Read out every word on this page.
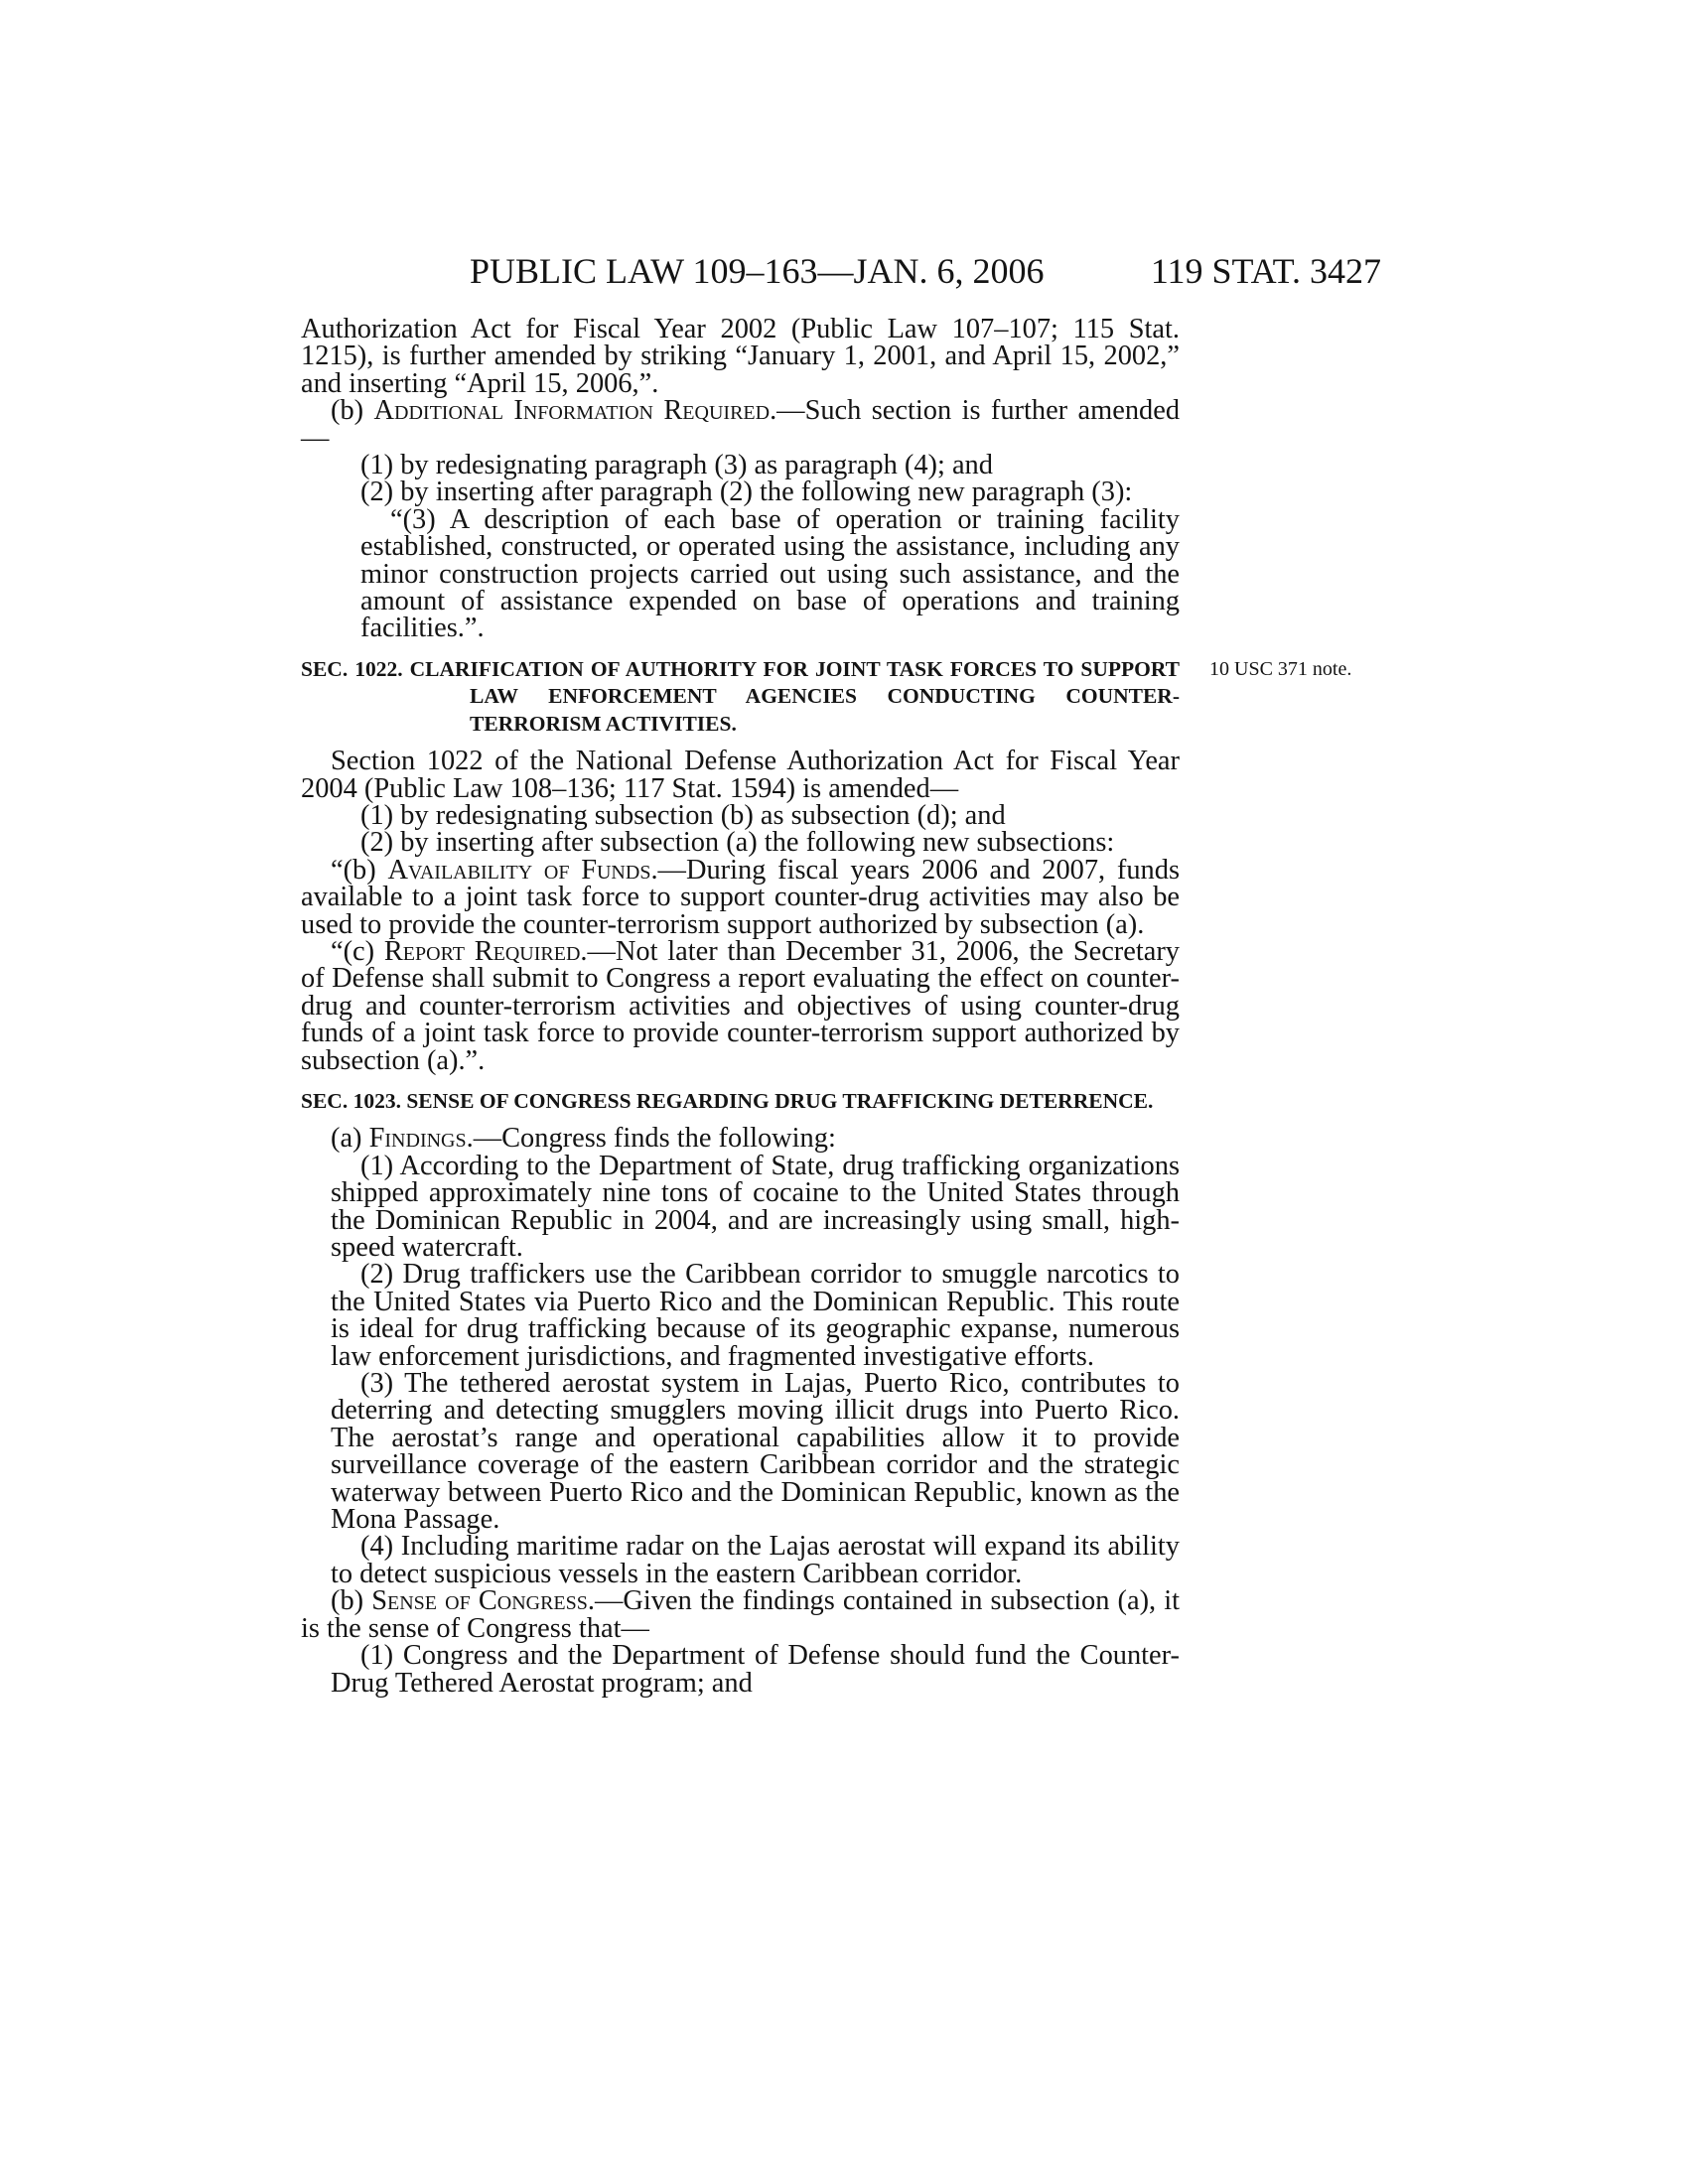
PUBLIC LAW 109–163—JAN. 6, 2006	119 STAT. 3427

Authorization Act for Fiscal Year 2002 (Public Law 107–107; 115 Stat. 1215), is further amended by striking “January 1, 2001, and April 15, 2002,” and inserting “April 15, 2006,”.

(b) Additional Information Required.—Such section is further amended—

(1) by redesignating paragraph (3) as paragraph (4); and

(2) by inserting after paragraph (2) the following new paragraph (3):

“(3) A description of each base of operation or training facility established, constructed, or operated using the assistance, including any minor construction projects carried out using such assistance, and the amount of assistance expended on base of operations and training facilities.”.

SEC. 1022. CLARIFICATION OF AUTHORITY FOR JOINT TASK FORCES TO SUPPORT LAW ENFORCEMENT AGENCIES CONDUCTING COUNTER-TERRORISM ACTIVITIES.
10 USC 371 note.

Section 1022 of the National Defense Authorization Act for Fiscal Year 2004 (Public Law 108–136; 117 Stat. 1594) is amended—

(1) by redesignating subsection (b) as subsection (d); and

(2) by inserting after subsection (a) the following new subsections:

“(b) Availability of Funds.—During fiscal years 2006 and 2007, funds available to a joint task force to support counter-drug activities may also be used to provide the counter-terrorism support authorized by subsection (a).

“(c) Report Required.—Not later than December 31, 2006, the Secretary of Defense shall submit to Congress a report evaluating the effect on counter-drug and counter-terrorism activities and objectives of using counter-drug funds of a joint task force to provide counter-terrorism support authorized by subsection (a).”.

SEC. 1023. SENSE OF CONGRESS REGARDING DRUG TRAFFICKING DETERRENCE.

(a) Findings.—Congress finds the following:

(1) According to the Department of State, drug trafficking organizations shipped approximately nine tons of cocaine to the United States through the Dominican Republic in 2004, and are increasingly using small, high-speed watercraft.

(2) Drug traffickers use the Caribbean corridor to smuggle narcotics to the United States via Puerto Rico and the Dominican Republic. This route is ideal for drug trafficking because of its geographic expanse, numerous law enforcement jurisdictions, and fragmented investigative efforts.

(3) The tethered aerostat system in Lajas, Puerto Rico, contributes to deterring and detecting smugglers moving illicit drugs into Puerto Rico. The aerostat’s range and operational capabilities allow it to provide surveillance coverage of the eastern Caribbean corridor and the strategic waterway between Puerto Rico and the Dominican Republic, known as the Mona Passage.

(4) Including maritime radar on the Lajas aerostat will expand its ability to detect suspicious vessels in the eastern Caribbean corridor.

(b) Sense of Congress.—Given the findings contained in subsection (a), it is the sense of Congress that—

(1) Congress and the Department of Defense should fund the Counter-Drug Tethered Aerostat program; and
